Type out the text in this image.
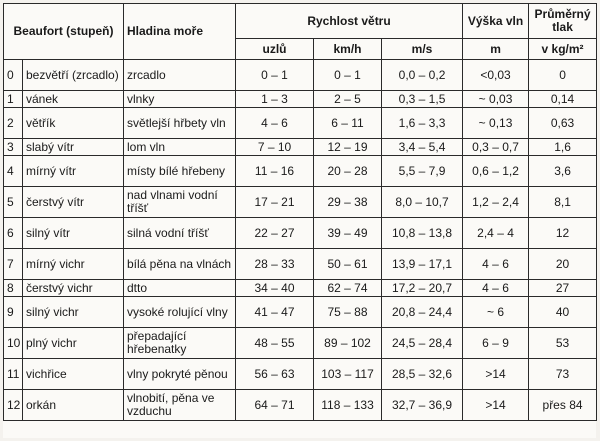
Beaufort (stupeň)		Hladina moře	Rychlost větru			Výška vln	Průměrný
tlak
			uzlů	km/h	m/s	m	v kg/m²
0	bezvětří (zrcadlo)	zrcadlo	0 – 1	0 – 1	0,0 – 0,2	<0,03	0
1	vánek	vlnky	1 – 3	2 – 5	0,3 – 1,5	~ 0,03	0,14
2	větřík	světlejší hřbety vln	4 – 6	6 – 11	1,6 – 3,3	~ 0,13	0,63
3	slabý vítr	lom vln	7 – 10	12 – 19	3,4 – 5,4	0,3 – 0,7	1,6
4	mírný vítr	místy bílé hřebeny	11 – 16	20 – 28	5,5 – 7,9	0,6 – 1,2	3,6
5	čerstvý vítr	nad vlnami vodní tříšť	17 – 21	29 – 38	8,0 – 10,7	1,2 – 2,4	8,1
6	silný vítr	silná vodní tříšť	22 – 27	39 – 49	10,8 – 13,8	2,4 – 4	12
7	mírný vichr	bílá pěna na vlnách	28 – 33	50 – 61	13,9 – 17,1	4 – 6	20
8	čerstvý vichr	dtto	34 – 40	62 – 74	17,2 – 20,7	4 – 6	27
9	silný vichr	vysoké rolující vlny	41 – 47	75 – 88	20,8 – 24,4	~ 6	40
10	plný vichr	přepadající hřebenatky	48 – 55	89 – 102	24,5 – 28,4	6 – 9	53
11	vichřice	vlny pokryté pěnou	56 – 63	103 – 117	28,5 – 32,6	>14	73
12	orkán	vlnobití, pěna ve vzduchu	64 – 71	118 – 133	32,7 – 36,9	>14	přes 84
